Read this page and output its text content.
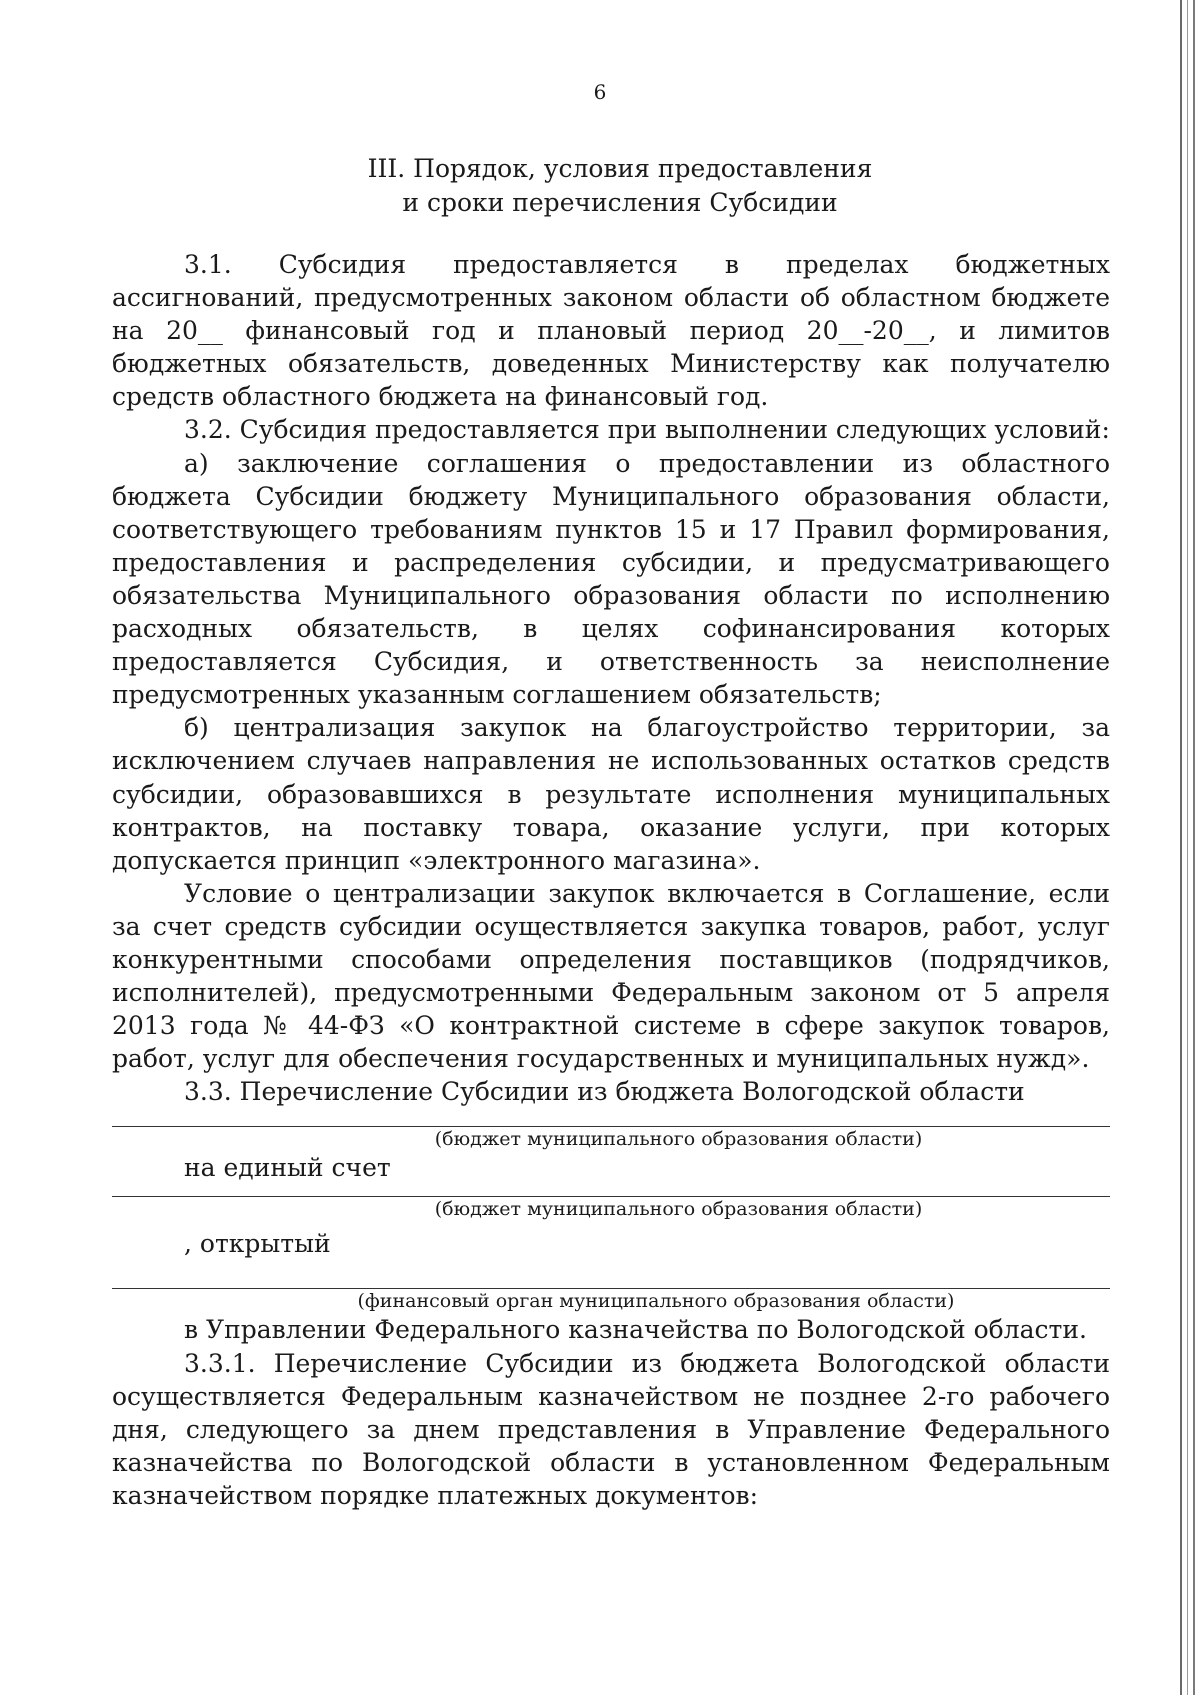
6
III. Порядок, условия предоставления
и сроки перечисления Субсидии

3.1. Субсидия предоставляется в пределах бюджетных ассигнований, предусмотренных законом области об областном бюджете на 20__ финансовый год и плановый период 20__-20__, и лимитов бюджетных обязательств, доведенных Министерству как получателю средств областного бюджета на финансовый год.

3.2. Субсидия предоставляется при выполнении следующих условий:

а) заключение соглашения о предоставлении из областного бюджета Субсидии бюджету Муниципального образования области, соответствующего требованиям пунктов 15 и 17 Правил формирования, предоставления и распределения субсидии, и предусматривающего обязательства Муниципального образования области по исполнению расходных обязательств, в целях софинансирования которых предоставляется Субсидия, и ответственность за неисполнение предусмотренных указанным соглашением обязательств;

б) централизация закупок на благоустройство территории, за исключением случаев направления не использованных остатков средств субсидии, образовавшихся в результате исполнения муниципальных контрактов, на поставку товара, оказание услуги, при которых допускается принцип «электронного магазина».

Условие о централизации закупок включается в Соглашение, если за счет средств субсидии осуществляется закупка товаров, работ, услуг конкурентными способами определения поставщиков (подрядчиков, исполнителей), предусмотренными Федеральным законом от 5 апреля 2013 года № 44-ФЗ «О контрактной системе в сфере закупок товаров, работ, услуг для обеспечения государственных и муниципальных нужд».

3.3. Перечисление Субсидии из бюджета Вологодской области

(бюджет муниципального образования области)
на единый счет
(бюджет муниципального образования области)
, открытый
(финансовый орган муниципального образования области)

в Управлении Федерального казначейства по Вологодской области.

3.3.1. Перечисление Субсидии из бюджета Вологодской области осуществляется Федеральным казначейством не позднее 2-го рабочего дня, следующего за днем представления в Управление Федерального казначейства по Вологодской области в установленном Федеральным казначейством порядке платежных документов:
